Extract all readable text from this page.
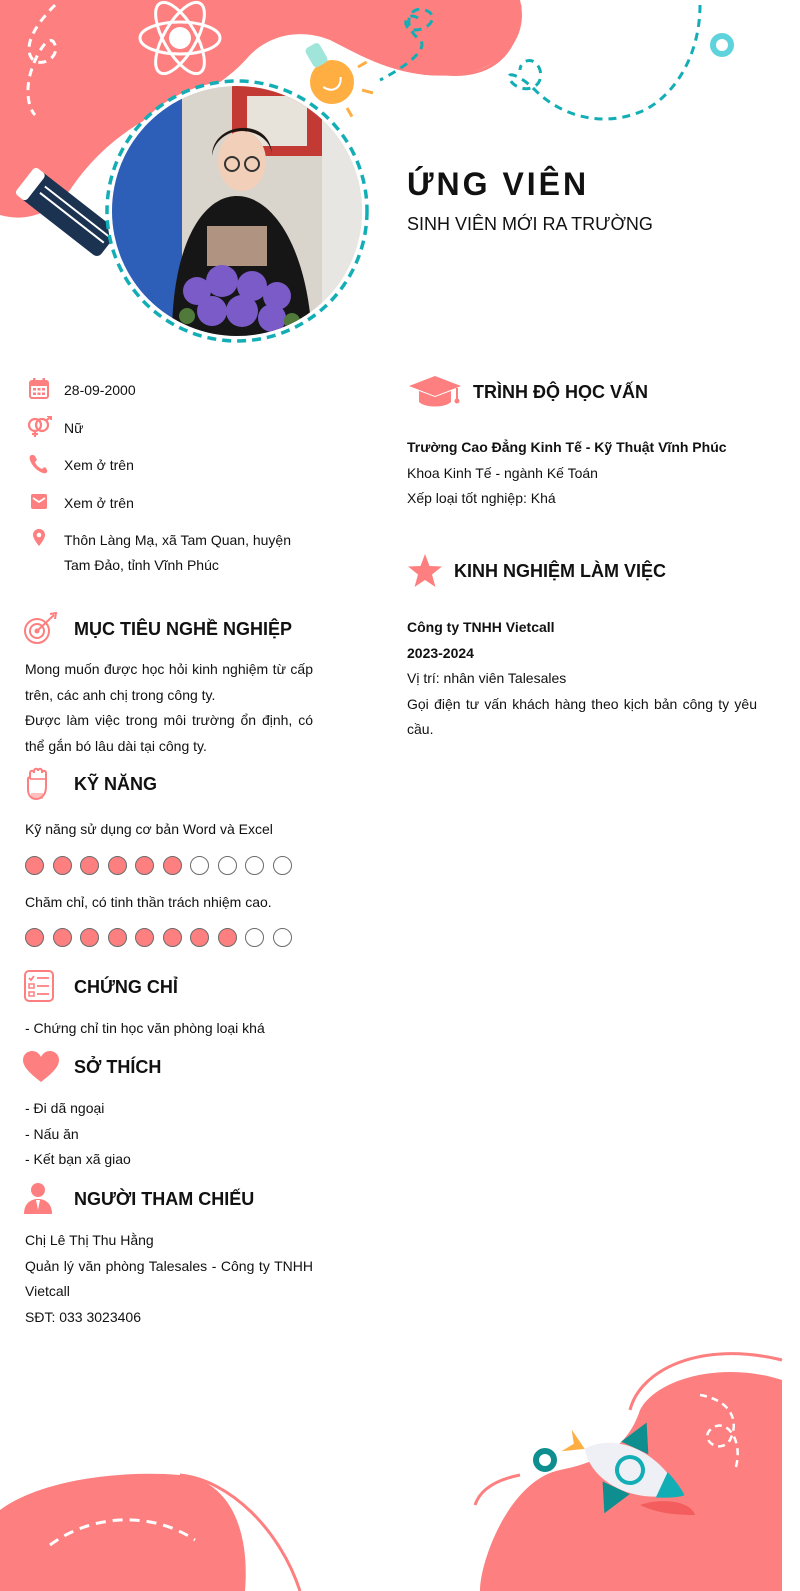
ỨNG VIÊN
SINH VIÊN MỚI RA TRƯỜNG
28-09-2000
Nữ
Xem ở trên
Xem ở trên
Thôn Làng Mạ, xã Tam Quan, huyện Tam Đảo, tỉnh Vĩnh Phúc
MỤC TIÊU NGHỀ NGHIỆP
Mong muốn được học hỏi kinh nghiệm từ cấp trên, các anh chị trong công ty.
Được làm việc trong môi trường ổn định, có thể gắn bó lâu dài tại công ty.
KỸ NĂNG
Kỹ năng sử dụng cơ bản Word và Excel
Chăm chỉ, có tinh thần trách nhiệm cao.
CHỨNG CHỈ
- Chứng chỉ tin học văn phòng loại khá
SỞ THÍCH
- Đi dã ngoại
- Nấu ăn
- Kết bạn xã giao
NGƯỜI THAM CHIẾU
Chị Lê Thị Thu Hằng
Quản lý văn phòng Talesales - Công ty TNHH Vietcall
SĐT: 033 3023406
TRÌNH ĐỘ HỌC VẤN
Trường Cao Đẳng Kinh Tế - Kỹ Thuật Vĩnh Phúc
Khoa Kinh Tế - ngành Kế Toán
Xếp loại tốt nghiệp: Khá
KINH NGHIỆM LÀM VIỆC
Công ty TNHH Vietcall
2023-2024
Vị trí: nhân viên Talesales
Gọi điện tư vấn khách hàng theo kịch bản công ty yêu cầu.
